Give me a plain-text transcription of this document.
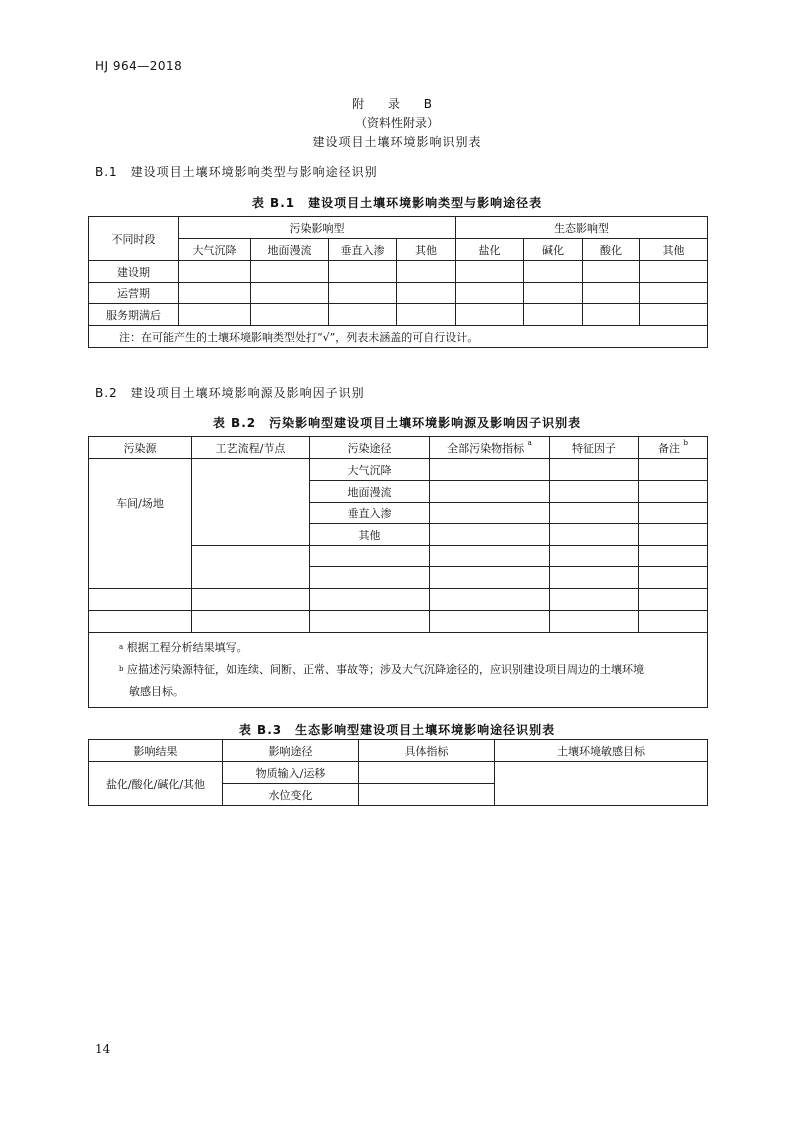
HJ 964—2018
附 录 B
（资料性附录）
建设项目土壤环境影响识别表
B.1　建设项目土壤环境影响类型与影响途径识别
表 B.1　建设项目土壤环境影响类型与影响途径表
不同时段	污染影响型				生态影响型			
	大气沉降	地面漫流	垂直入渗	其他	盐化	碱化	酸化	其他
建设期								
运营期								
服务期满后								
注：在可能产生的土壤环境影响类型处打“√”，列表未涵盖的可自行设计。								
B.2　建设项目土壤环境影响源及影响因子识别
表 B.2　污染影响型建设项目土壤环境影响源及影响因子识别表
污染源	工艺流程/节点	污染途径	全部污染物指标 $^a$	特征因子	备注 $^b$
车间/场地		大气沉降			
		地面漫流			
		垂直入渗			
		其他			

$^a$ 根据工程分析结果填写。
$^b$ 应描述污染源特征，如连续、间断、正常、事故等；涉及大气沉降途径的，应识别建设项目周边的土壤环境
敏感目标。					
表 B.3　生态影响型建设项目土壤环境影响途径识别表
影响结果	影响途径	具体指标	土壤环境敏感目标
盐化/酸化/碱化/其他	物质输入/运移		
	水位变化		
14
